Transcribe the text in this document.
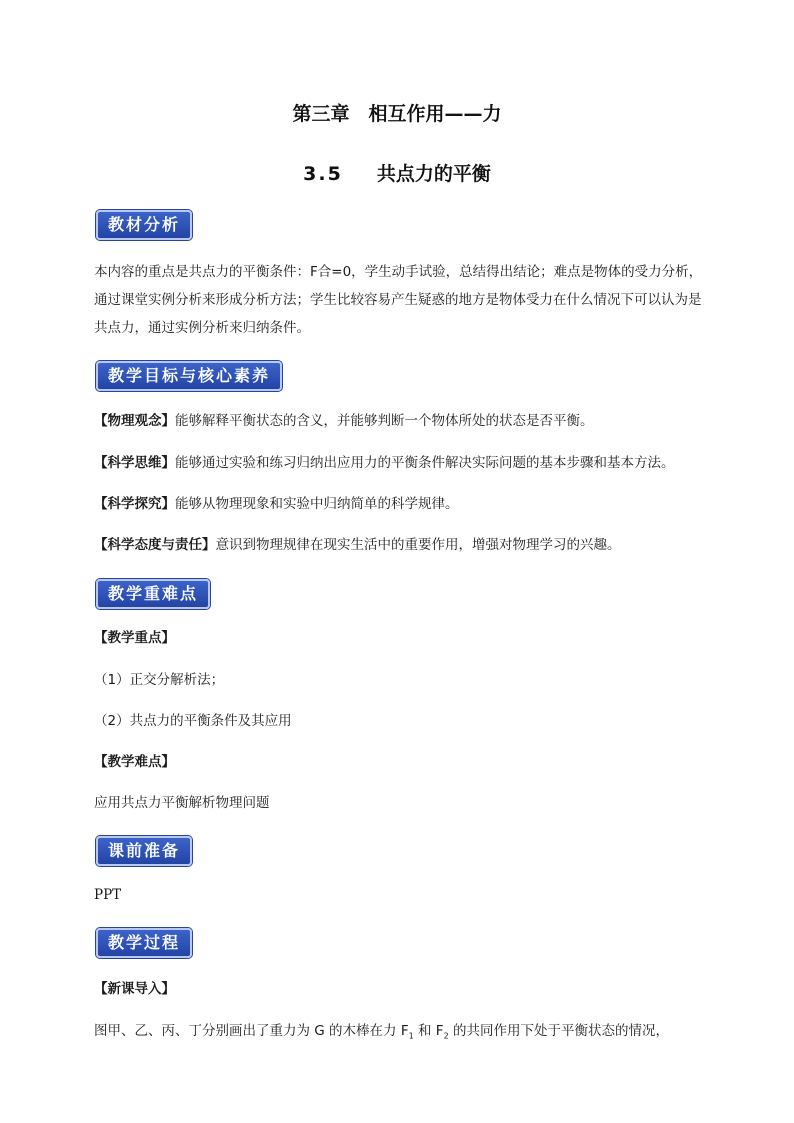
第三章　相互作用——力
3.5 共点力的平衡
教材分析

本内容的重点是共点力的平衡条件：F合=0，学生动手试验，总结得出结论；难点是物体的受力分析，通过课堂实例分析来形成分析方法；学生比较容易产生疑惑的地方是物体受力在什么情况下可以认为是共点力，通过实例分析来归纳条件。

教学目标与核心素养
【物理观念】能够解释平衡状态的含义，并能够判断一个物体所处的状态是否平衡。
【科学思维】能够通过实验和练习归纳出应用力的平衡条件解决实际问题的基本步骤和基本方法。
【科学探究】能够从物理现象和实验中归纳简单的科学规律。
【科学态度与责任】意识到物理规律在现实生活中的重要作用，增强对物理学习的兴趣。
教学重难点
【教学重点】
（1）正交分解析法；
（2）共点力的平衡条件及其应用
【教学难点】
应用共点力平衡解析物理问题
课前准备
PPT
教学过程
【新课导入】
图甲、乙、丙、丁分别画出了重力为 G 的木棒在力 $F_1$ 和 $F_2$ 的共同作用下处于平衡状态的情况，
